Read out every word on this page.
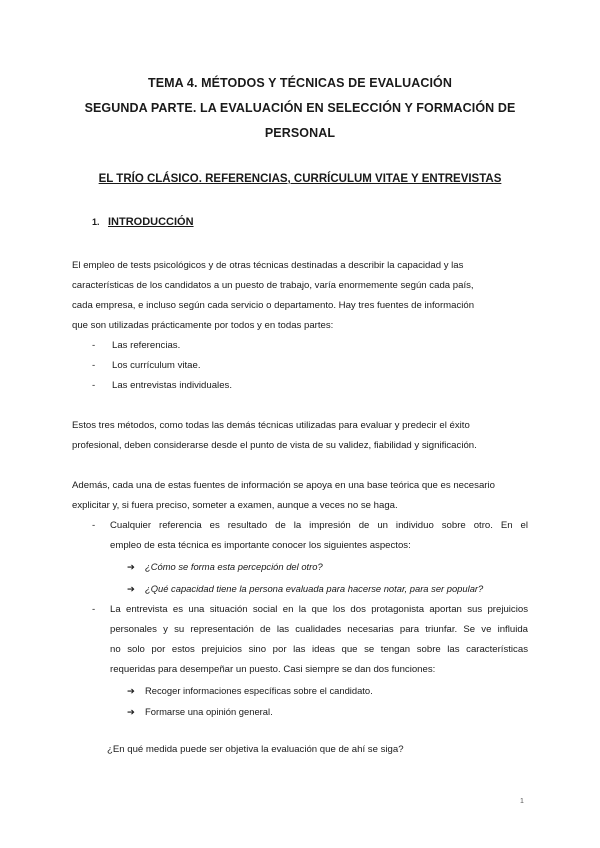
TEMA 4. MÉTODOS Y TÉCNICAS DE EVALUACIÓN
SEGUNDA PARTE. LA EVALUACIÓN EN SELECCIÓN Y FORMACIÓN DE
PERSONAL
EL TRÍO CLÁSICO. REFERENCIAS, CURRÍCULUM VITAE Y ENTREVISTAS
1. INTRODUCCIÓN
El empleo de tests psicológicos y de otras técnicas destinadas a describir la capacidad y las
características de los candidatos a un puesto de trabajo, varía enormemente según cada país,
cada empresa, e incluso según cada servicio o departamento. Hay tres fuentes de información
que son utilizadas prácticamente por todos y en todas partes:
- Las referencias.
- Los currículum vitae.
- Las entrevistas individuales.
Estos tres métodos, como todas las demás técnicas utilizadas para evaluar y predecir el éxito
profesional, deben considerarse desde el punto de vista de su validez, fiabilidad y significación.
Además, cada una de estas fuentes de información se apoya en una base teórica que es necesario
explicitar y, si fuera preciso, someter a examen, aunque a veces no se haga.
- Cualquier referencia es resultado de la impresión de un individuo sobre otro. En el
empleo de esta técnica es importante conocer los siguientes aspectos:
➔ ¿Cómo se forma esta percepción del otro?
➔ ¿Qué capacidad tiene la persona evaluada para hacerse notar, para ser popular?
- La entrevista es una situación social en la que los dos protagonista aportan sus prejuicios
personales y su representación de las cualidades necesarias para triunfar. Se ve influida
no solo por estos prejuicios sino por las ideas que se tengan sobre las características
requeridas para desempeñar un puesto. Casi siempre se dan dos funciones:
➔ Recoger informaciones específicas sobre el candidato.
➔ Formarse una opinión general.
¿En qué medida puede ser objetiva la evaluación que de ahí se siga?
1
